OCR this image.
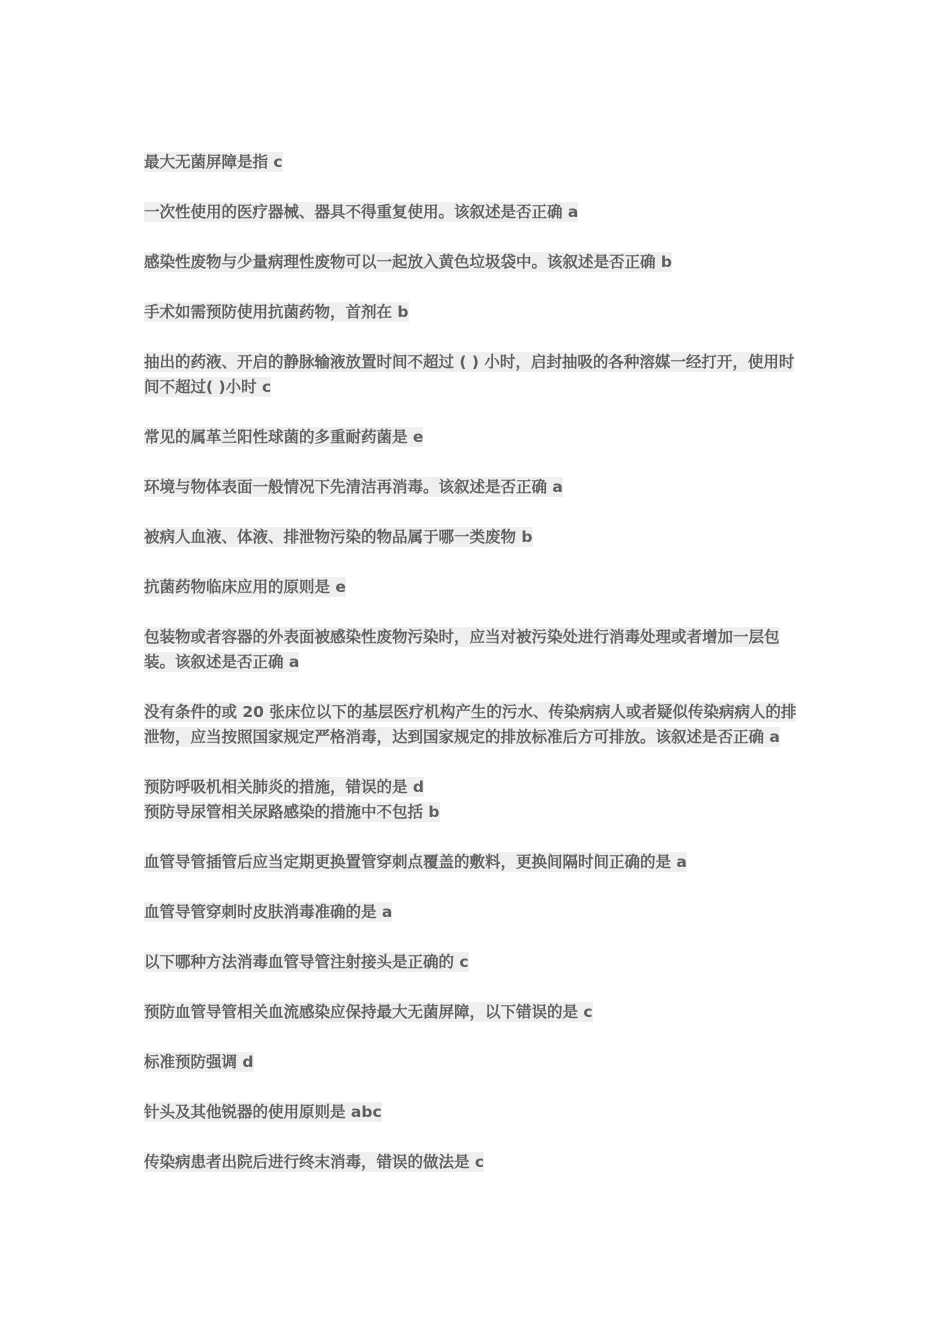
最大无菌屏障是指 c

一次性使用的医疗器械、器具不得重复使用。该叙述是否正确 a

感染性废物与少量病理性废物可以一起放入黄色垃圾袋中。该叙述是否正确 b

手术如需预防使用抗菌药物，首剂在 b

抽出的药液、开启的静脉输液放置时间不超过 ( ) 小时，启封抽吸的各种溶媒一经打开，使用时间不超过( )小时 c

常见的属革兰阳性球菌的多重耐药菌是 e

环境与物体表面一般情况下先清洁再消毒。该叙述是否正确 a

被病人血液、体液、排泄物污染的物品属于哪一类废物 b

抗菌药物临床应用的原则是 e

包装物或者容器的外表面被感染性废物污染时，应当对被污染处进行消毒处理或者增加一层包装。该叙述是否正确 a

没有条件的或 20 张床位以下的基层医疗机构产生的污水、传染病病人或者疑似传染病病人的排泄物，应当按照国家规定严格消毒，达到国家规定的排放标准后方可排放。该叙述是否正确 a

预防呼吸机相关肺炎的措施，错误的是 d

预防导尿管相关尿路感染的措施中不包括 b

血管导管插管后应当定期更换置管穿刺点覆盖的敷料，更换间隔时间正确的是 a

血管导管穿刺时皮肤消毒准确的是 a

以下哪种方法消毒血管导管注射接头是正确的 c

预防血管导管相关血流感染应保持最大无菌屏障，以下错误的是 c

标准预防强调 d

针头及其他锐器的使用原则是 abc

传染病患者出院后进行终末消毒，错误的做法是 c
